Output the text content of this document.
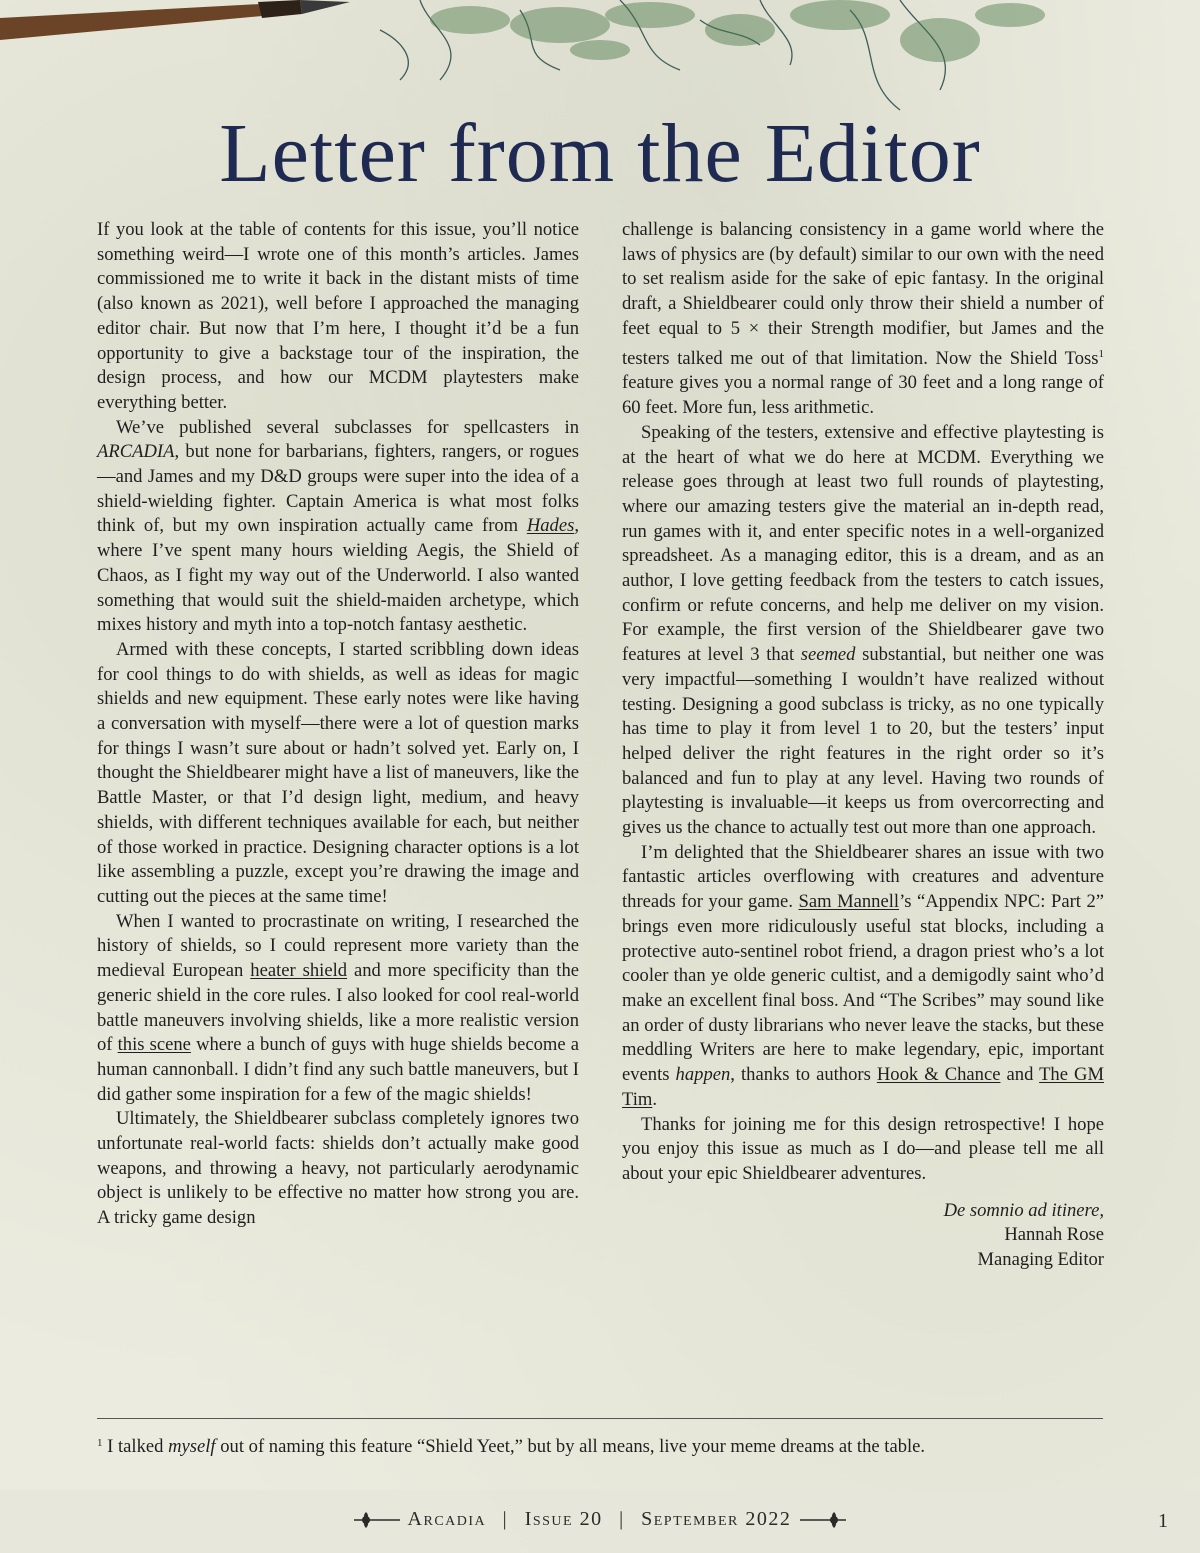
Letter from the Editor

If you look at the table of contents for this issue, you’ll notice something weird—I wrote one of this month’s articles. James commissioned me to write it back in the distant mists of time (also known as 2021), well before I approached the managing editor chair. But now that I’m here, I thought it’d be a fun opportunity to give a backstage tour of the inspiration, the design process, and how our MCDM playtesters make everything better.

We’ve published several subclasses for spellcasters in ARCADIA, but none for barbarians, fighters, rangers, or rogues—and James and my D&D groups were super into the idea of a shield-wielding fighter. Captain America is what most folks think of, but my own inspiration actually came from Hades, where I’ve spent many hours wielding Aegis, the Shield of Chaos, as I fight my way out of the Underworld. I also wanted something that would suit the shield-maiden archetype, which mixes history and myth into a top-notch fantasy aesthetic.

Armed with these concepts, I started scribbling down ideas for cool things to do with shields, as well as ideas for magic shields and new equipment. These early notes were like having a conversation with myself—there were a lot of question marks for things I wasn’t sure about or hadn’t solved yet. Early on, I thought the Shieldbearer might have a list of maneuvers, like the Battle Master, or that I’d design light, medium, and heavy shields, with different techniques available for each, but neither of those worked in practice. Designing character options is a lot like assembling a puzzle, except you’re drawing the image and cutting out the pieces at the same time!

When I wanted to procrastinate on writing, I researched the history of shields, so I could represent more variety than the medieval European heater shield and more specificity than the generic shield in the core rules. I also looked for cool real-world battle maneuvers involving shields, like a more realistic version of this scene where a bunch of guys with huge shields become a human cannonball. I didn’t find any such battle maneuvers, but I did gather some inspiration for a few of the magic shields!

Ultimately, the Shieldbearer subclass completely ignores two unfortunate real-world facts: shields don’t actually make good weapons, and throwing a heavy, not particularly aerodynamic object is unlikely to be effective no matter how strong you are. A tricky game design

challenge is balancing consistency in a game world where the laws of physics are (by default) similar to our own with the need to set realism aside for the sake of epic fantasy. In the original draft, a Shieldbearer could only throw their shield a number of feet equal to 5 × their Strength modifier, but James and the testers talked me out of that limitation. Now the Shield Toss$^1$ feature gives you a normal range of 30 feet and a long range of 60 feet. More fun, less arithmetic.

Speaking of the testers, extensive and effective playtesting is at the heart of what we do here at MCDM. Everything we release goes through at least two full rounds of playtesting, where our amazing testers give the material an in-depth read, run games with it, and enter specific notes in a well-organized spreadsheet. As a managing editor, this is a dream, and as an author, I love getting feedback from the testers to catch issues, confirm or refute concerns, and help me deliver on my vision. For example, the first version of the Shieldbearer gave two features at level 3 that seemed substantial, but neither one was very impactful—something I wouldn’t have realized without testing. Designing a good subclass is tricky, as no one typically has time to play it from level 1 to 20, but the testers’ input helped deliver the right features in the right order so it’s balanced and fun to play at any level. Having two rounds of playtesting is invaluable—it keeps us from overcorrecting and gives us the chance to actually test out more than one approach.

I’m delighted that the Shieldbearer shares an issue with two fantastic articles overflowing with creatures and adventure threads for your game. Sam Mannell’s “Appendix NPC: Part 2” brings even more ridiculously useful stat blocks, including a protective auto-sentinel robot friend, a dragon priest who’s a lot cooler than ye olde generic cultist, and a demigodly saint who’d make an excellent final boss. And “The Scribes” may sound like an order of dusty librarians who never leave the stacks, but these meddling Writers are here to make legendary, epic, important events happen, thanks to authors Hook & Chance and The GM Tim.

Thanks for joining me for this design retrospective! I hope you enjoy this issue as much as I do—and please tell me all about your epic Shieldbearer adventures.

De somnio ad itinere,
Hannah Rose
Managing Editor
$^1$ I talked myself out of naming this feature “Shield Yeet,” but by all means, live your meme dreams at the table.
Arcadia | Issue 20 | September 2022	1
